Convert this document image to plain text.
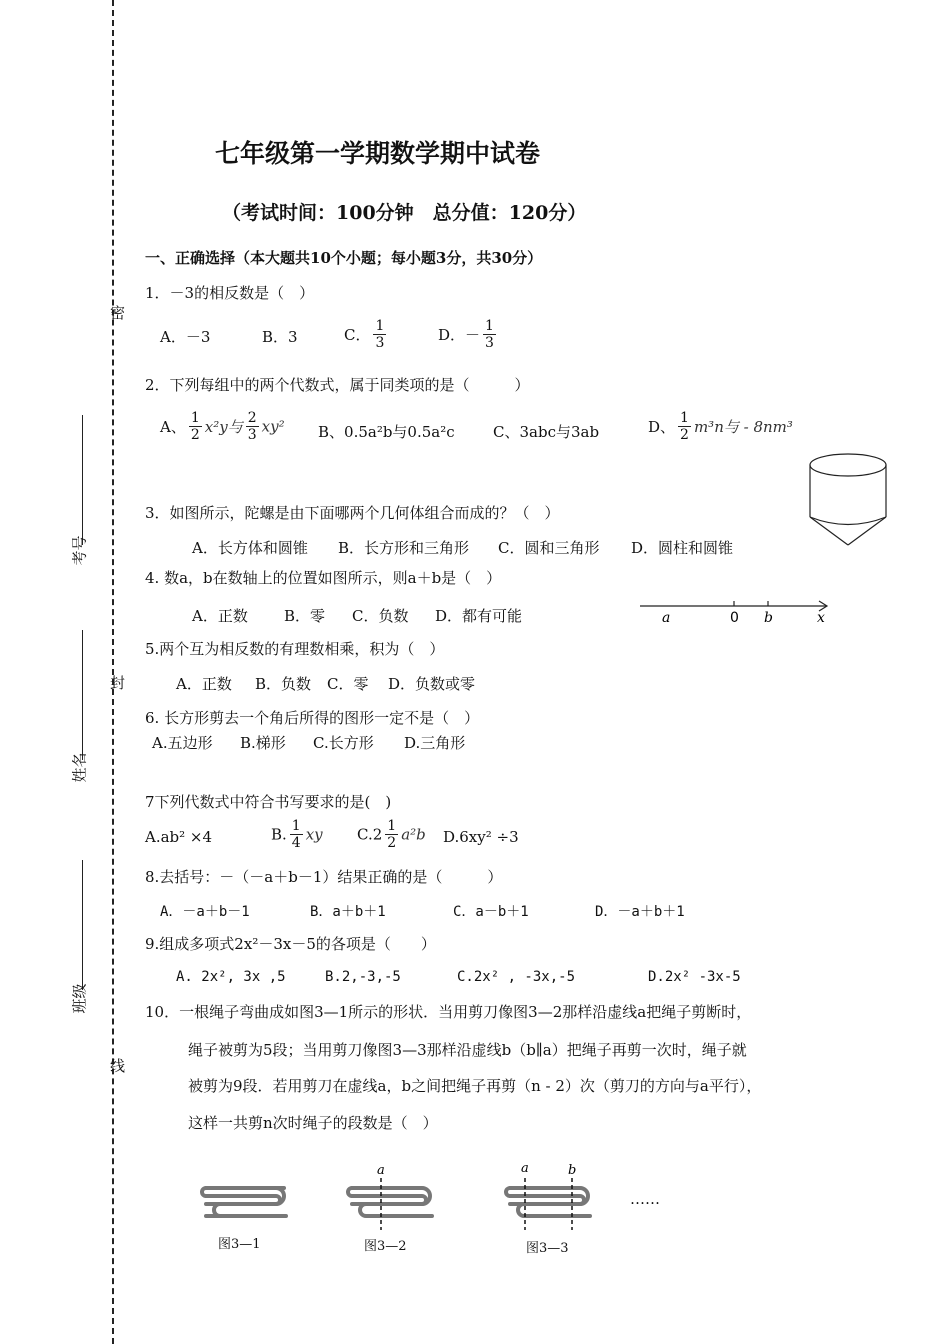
密
封
线
考号
姓名
班级
七年级第一学期数学期中试卷
（考试时间：100分钟　总分值：120分）
一、正确选择（本大题共10个小题；每小题3分，共30分）
1．－3的相反数是（　）
A．－3	B．3	C． $\frac{1}{3}$	D．－ $\frac{1}{3}$
2．下列每组中的两个代数式，属于同类项的是（　　　）
A、 $\frac{1}{2} x^2y$与 $\frac{2}{3} xy^2$ B、0.5a²b与0.5a²c	C、3abc与3ab	D、 $\frac{1}{2} m^3n$与 - 8nm³
3．如图所示，陀螺是由下面哪两个几何体组合而成的？（　）
A．长方体和圆锥 B．长方形和三角形 C．圆和三角形 D．圆柱和圆锥
4. 数a，b在数轴上的位置如图所示，则a＋b是（　）
A．正数 B．零 C．负数 D．都有可能	a	0 b	x
5.两个互为相反数的有理数相乘，积为（　）
A．正数 B．负数 C．零 D．负数或零
6. 长方形剪去一个角后所得的图形一定不是（　）
A.五边形 B.梯形 C.长方形 D.三角形
7下列代数式中符合书写要求的是(　)
A.ab² ×4	B. $\frac{1}{4}$ xy $C.2 \frac{1}{2} a^2b$ D.6xy² ÷3
8.去括号：－（－a＋b－1）结果正确的是（　　　）
A．－a＋b－1	B．a＋b＋1	C．a－b＋1	D．－a＋b＋1
9.组成多项式2x²－3x－5的各项是（　　）
A. 2x², 3x ,5	B.2,-3,-5	C.2x² , -3x,-5	D.2x² -3x-5
10．一根绳子弯曲成如图3—1所示的形状．当用剪刀像图3—2那样沿虚线a把绳子剪断时，
绳子被剪为5段；当用剪刀像图3—3那样沿虚线b（b∥a）把绳子再剪一次时，绳子就
被剪为9段．若用剪刀在虚线a，b之间把绳子再剪（n - 2）次（剪刀的方向与a平行），
这样一共剪n次时绳子的段数是（　）
图3—1
a
图3—2
a	b
图3—3
……
